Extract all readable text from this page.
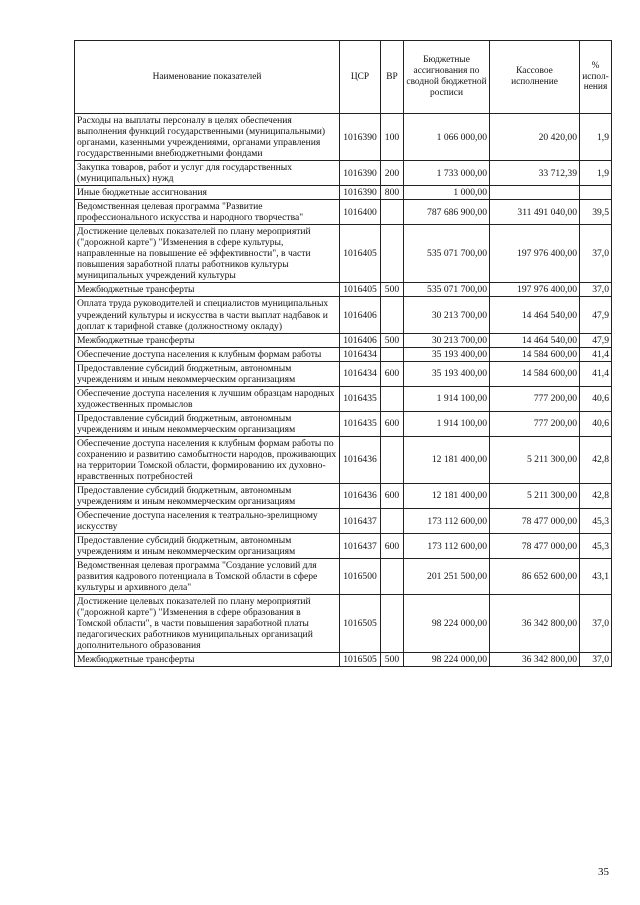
Наименование показателей	ЦСР	ВР	Бюджетные ассигнования по сводной бюджетной росписи	Кассовое исполнение	% испол-нения
Расходы на выплаты персоналу в целях обеспечения выполнения функций государственными (муниципальными) органами, казенными учреждениями, органами управления государственными внебюджетными фондами	1016390	100	1 066 000,00	20 420,00	1,9
Закупка товаров, работ и услуг для государственных (муниципальных) нужд	1016390	200	1 733 000,00	33 712,39	1,9
Иные бюджетные ассигнования	1016390	800	1 000,00		
Ведомственная целевая программа "Развитие профессионального искусства и народного творчества"	1016400		787 686 900,00	311 491 040,00	39,5
Достижение целевых показателей по плану мероприятий ("дорожной карте") "Изменения в сфере культуры, направленные на повышение её эффективности", в части повышения заработной платы работников культуры муниципальных учреждений культуры	1016405		535 071 700,00	197 976 400,00	37,0
Межбюджетные трансферты	1016405	500	535 071 700,00	197 976 400,00	37,0
Оплата труда руководителей и специалистов муниципальных учреждений культуры и искусства в части выплат надбавок и доплат к тарифной ставке (должностному окладу)	1016406		30 213 700,00	14 464 540,00	47,9
Межбюджетные трансферты	1016406	500	30 213 700,00	14 464 540,00	47,9
Обеспечение доступа населения к клубным формам работы	1016434		35 193 400,00	14 584 600,00	41,4
Предоставление субсидий бюджетным, автономным учреждениям и иным некоммерческим организациям	1016434	600	35 193 400,00	14 584 600,00	41,4
Обеспечение доступа населения к лучшим образцам народных художественных промыслов	1016435		1 914 100,00	777 200,00	40,6
Предоставление субсидий бюджетным, автономным учреждениям и иным некоммерческим организациям	1016435	600	1 914 100,00	777 200,00	40,6
Обеспечение доступа населения к клубным формам работы по сохранению и развитию самобытности народов, проживающих на территории Томской области, формированию их духовно-нравственных потребностей	1016436		12 181 400,00	5 211 300,00	42,8
Предоставление субсидий бюджетным, автономным учреждениям и иным некоммерческим организациям	1016436	600	12 181 400,00	5 211 300,00	42,8
Обеспечение доступа населения к театрально-зрелищному искусству	1016437		173 112 600,00	78 477 000,00	45,3
Предоставление субсидий бюджетным, автономным учреждениям и иным некоммерческим организациям	1016437	600	173 112 600,00	78 477 000,00	45,3
Ведомственная целевая программа "Создание условий для развития кадрового потенциала в Томской области в сфере культуры и архивного дела"	1016500		201 251 500,00	86 652 600,00	43,1
Достижение целевых показателей по плану мероприятий ("дорожной карте") "Изменения в сфере образования в Томской области", в части повышения заработной платы педагогических работников муниципальных организаций дополнительного образования	1016505		98 224 000,00	36 342 800,00	37,0
Межбюджетные трансферты	1016505	500	98 224 000,00	36 342 800,00	37,0
35
